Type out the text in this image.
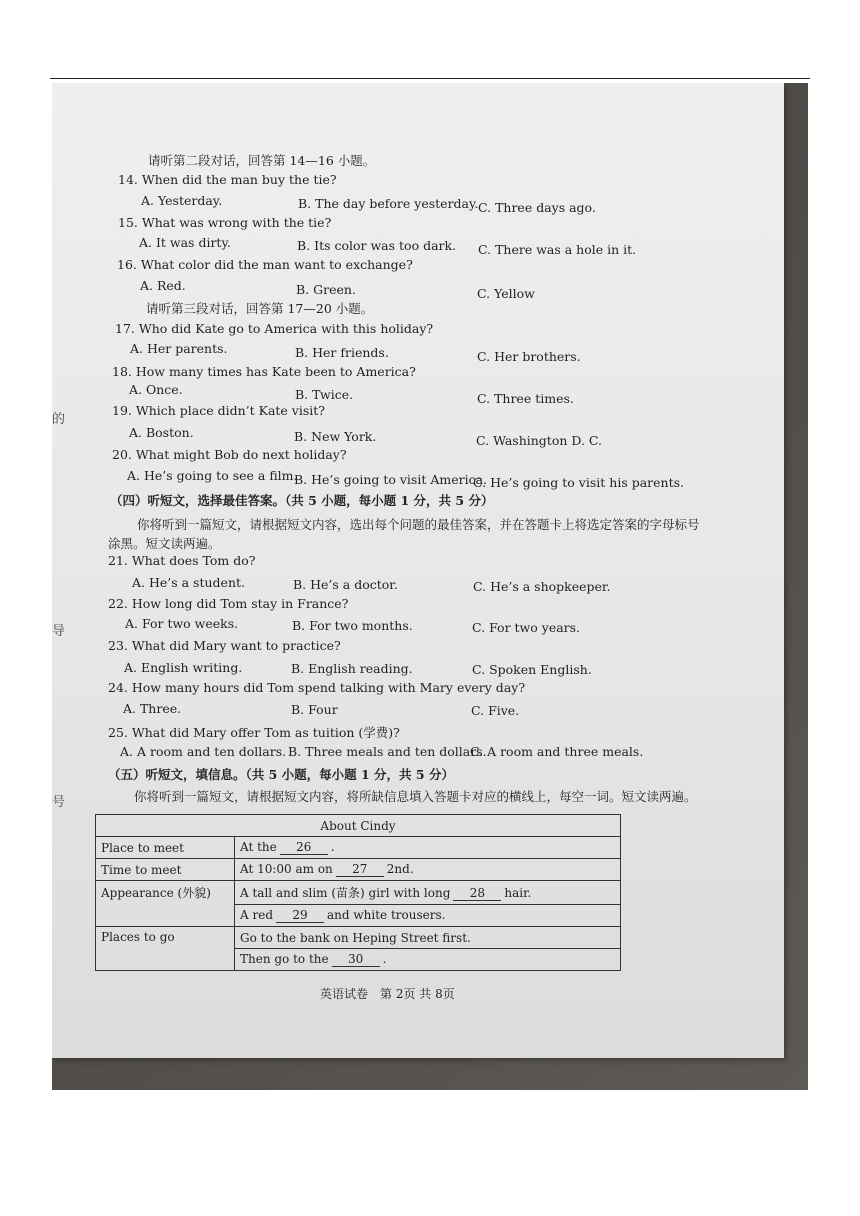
的
导
号
请听第二段对话，回答第 14—16 小题。
14. When did the man buy the tie?
A. Yesterday.	B. The day before yesterday. C. Three days ago.
15. What was wrong with the tie?
A. It was dirty.	B. Its color was too dark. C. There was a hole in it.
16. What color did the man want to exchange?
A. Red.	B. Green.	C. Yellow
请听第三段对话，回答第 17—20 小题。
17. Who did Kate go to America with this holiday?
A. Her parents.	B. Her friends.	C. Her brothers.
18. How many times has Kate been to America?
A. Once.	B. Twice.	C. Three times.
19. Which place didn’t Kate visit?
A. Boston.	B. New York.	C. Washington D. C.
20. What might Bob do next holiday?
A. He’s going to see a film.
B. He’s going to visit America.
C. He’s going to visit his parents.
（四）听短文，选择最佳答案。（共 5 小题，每小题 1 分，共 5 分）
你将听到一篇短文，请根据短文内容，选出每个问题的最佳答案，并在答题卡上将选定答案的字母标号
涂黑。短文读两遍。
21. What does Tom do?
A. He’s a student.	B. He’s a doctor.	C. He’s a shopkeeper.
22. How long did Tom stay in France?
A. For two weeks.	B. For two months.	C. For two years.
23. What did Mary want to practice?
A. English writing.	B. English reading.	C. Spoken English.
24. How many hours did Tom spend talking with Mary every day?
A. Three.	B. Four	C. Five.
25. What did Mary offer Tom as tuition (学费)?
A. A room and ten dollars. B. Three meals and ten dollars.
C. A room and three meals.
（五）听短文，填信息。（共 5 小题，每小题 1 分，共 5 分）
你将听到一篇短文，请根据短文内容，将所缺信息填入答题卡对应的横线上，每空一词。短文读两遍。
About Cindy	
Place to meet	At the 26 .
Time to meet	At 10:00 am on 27 2nd.
Appearance (外貌)	A tall and slim (苗条) girl with long 28 hair.
	A red 29 and white trousers.
Places to go	Go to the bank on Heping Street first.
	Then go to the 30 .
英语试卷　第 2页 共 8页
